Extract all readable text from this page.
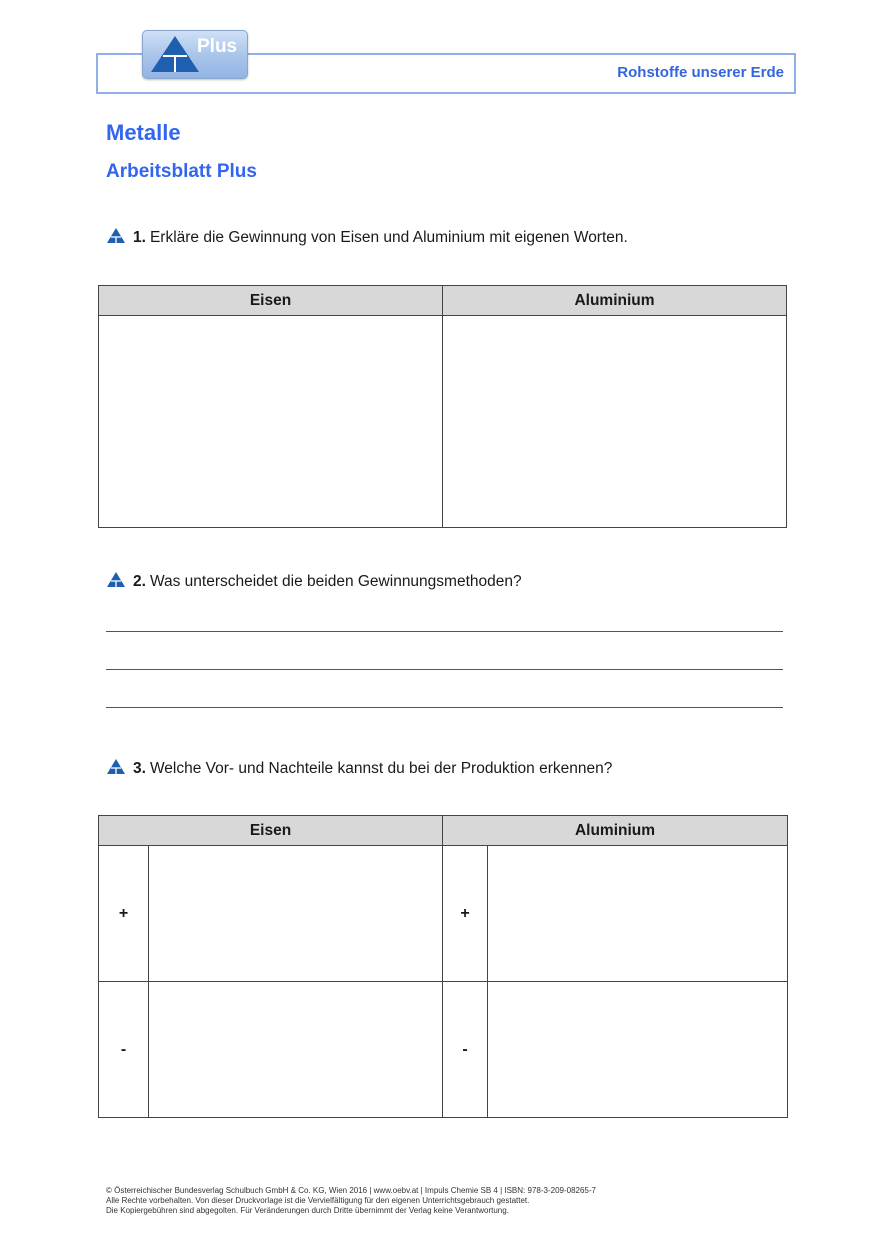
Plus
Rohstoffe unserer Erde
Metalle
Arbeitsblatt Plus
1. Erkläre die Gewinnung von Eisen und Aluminium mit eigenen Worten.
Eisen	Aluminium

2. Was unterscheidet die beiden Gewinnungsmethoden?
3. Welche Vor- und Nachteile kannst du bei der Produktion erkennen?
Eisen		Aluminium	
+		+	
-		-	
© Österreichischer Bundesverlag Schulbuch GmbH & Co. KG, Wien 2016 | www.oebv.at | Impuls Chemie SB 4 | ISBN: 978-3-209-08265-7
Alle Rechte vorbehalten. Von dieser Druckvorlage ist die Vervielfältigung für den eigenen Unterrichtsgebrauch gestattet.
Die Kopiergebühren sind abgegolten. Für Veränderungen durch Dritte übernimmt der Verlag keine Verantwortung.
